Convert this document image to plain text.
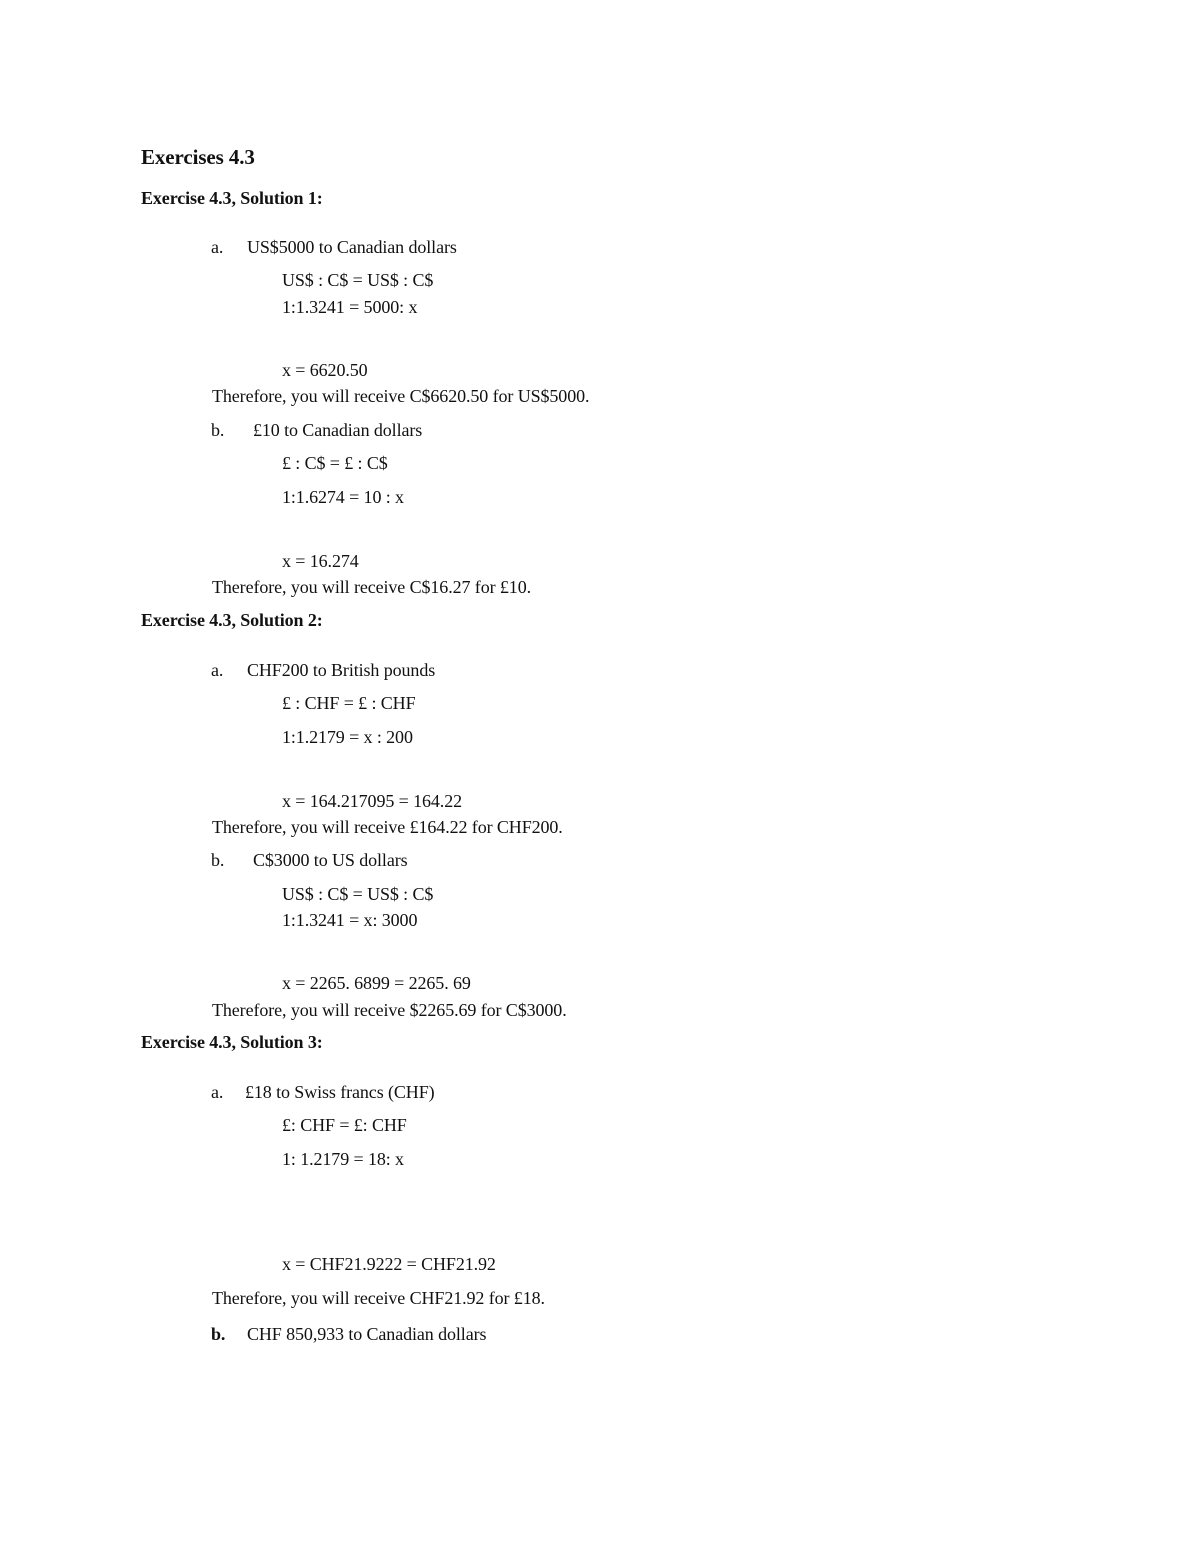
Exercises 4.3
Exercise 4.3, Solution 1:
a. US$5000 to Canadian dollars
US$ : C$ = US$ : C$
1:1.3241 = 5000: x
x = 6620.50
Therefore, you will receive C$6620.50 for US$5000.
b. £10 to Canadian dollars
£ : C$ = £ : C$
1:1.6274 = 10 : x
x = 16.274
Therefore, you will receive C$16.27 for £10.
Exercise 4.3, Solution 2:
a. CHF200 to British pounds
£ : CHF = £ : CHF
1:1.2179 = x : 200
x = 164.217095 = 164.22
Therefore, you will receive £164.22 for CHF200.
b. C$3000 to US dollars
US$ : C$ = US$ : C$
1:1.3241 = x: 3000
x = 2265. 6899 = 2265. 69
Therefore, you will receive $2265.69 for C$3000.
Exercise 4.3, Solution 3:
a. £18 to Swiss francs (CHF)
£: CHF = £: CHF
1: 1.2179 = 18: x
x = CHF21.9222 = CHF21.92
Therefore, you will receive CHF21.92 for £18.
b. CHF 850,933 to Canadian dollars
